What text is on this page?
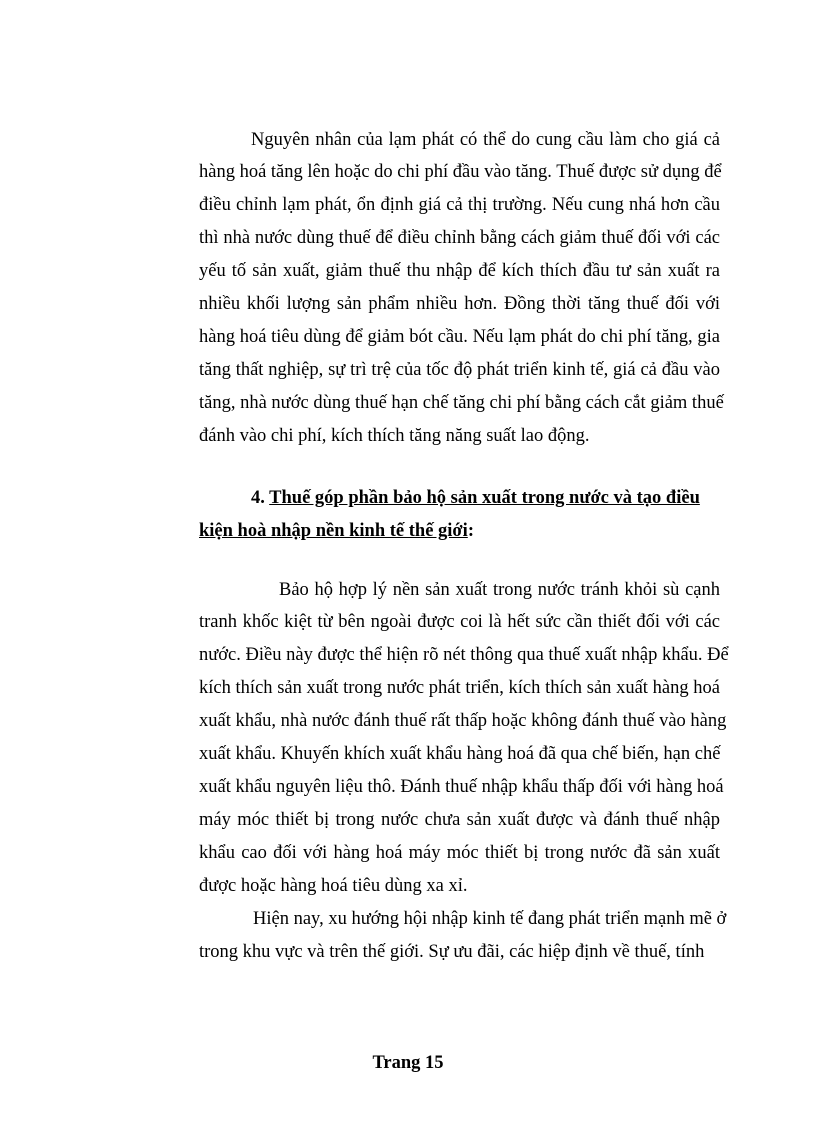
Nguyên nhân của lạm phát có thể do cung cầu làm cho giá cả
hàng hoá tăng lên hoặc do chi phí đầu vào tăng. Thuế được sử dụng để
điều chỉnh lạm phát, ổn định giá cả thị trường. Nếu cung nhá hơn cầu
thì nhà nước dùng thuế để điều chỉnh bằng cách giảm thuế đối với các
yếu tố sản xuất, giảm thuế thu nhập để kích thích đầu tư sản xuất ra
nhiều khối lượng sản phẩm nhiều hơn. Đồng thời tăng thuế đối với
hàng hoá tiêu dùng để giảm bót cầu. Nếu lạm phát do chi phí tăng, gia
tăng thất nghiệp, sự trì trệ của tốc độ phát triển kinh tế, giá cả đầu vào
tăng, nhà nước dùng thuế hạn chế tăng chi phí bằng cách cắt giảm thuế
đánh vào chi phí, kích thích tăng năng suất lao động.
4. Thuế góp phần bảo hộ sản xuất trong nước và tạo điều
kiện hoà nhập nền kinh tế thế giới:
Bảo hộ hợp lý nền sản xuất trong nước tránh khỏi sù cạnh
tranh khốc kiệt từ bên ngoài được coi là hết sức cần thiết đối với các
nước. Điều này được thể hiện rõ nét thông qua thuế xuất nhập khẩu. Để
kích thích sản xuất trong nước phát triển, kích thích sản xuất hàng hoá
xuất khẩu, nhà nước đánh thuế rất thấp hoặc không đánh thuế vào hàng
xuất khẩu. Khuyến khích xuất khẩu hàng hoá đã qua chế biến, hạn chế
xuất khẩu nguyên liệu thô. Đánh thuế nhập khẩu thấp đối với hàng hoá
máy móc thiết bị trong nước chưa sản xuất được và đánh thuế nhập
khẩu cao đối với hàng hoá máy móc thiết bị trong nước đã sản xuất
được hoặc hàng hoá tiêu dùng xa xỉ.
Hiện nay, xu hướng hội nhập kinh tế đang phát triển mạnh mẽ ở
trong khu vực và trên thế giới. Sự ưu đãi, các hiệp định về thuế, tính
Trang 15
